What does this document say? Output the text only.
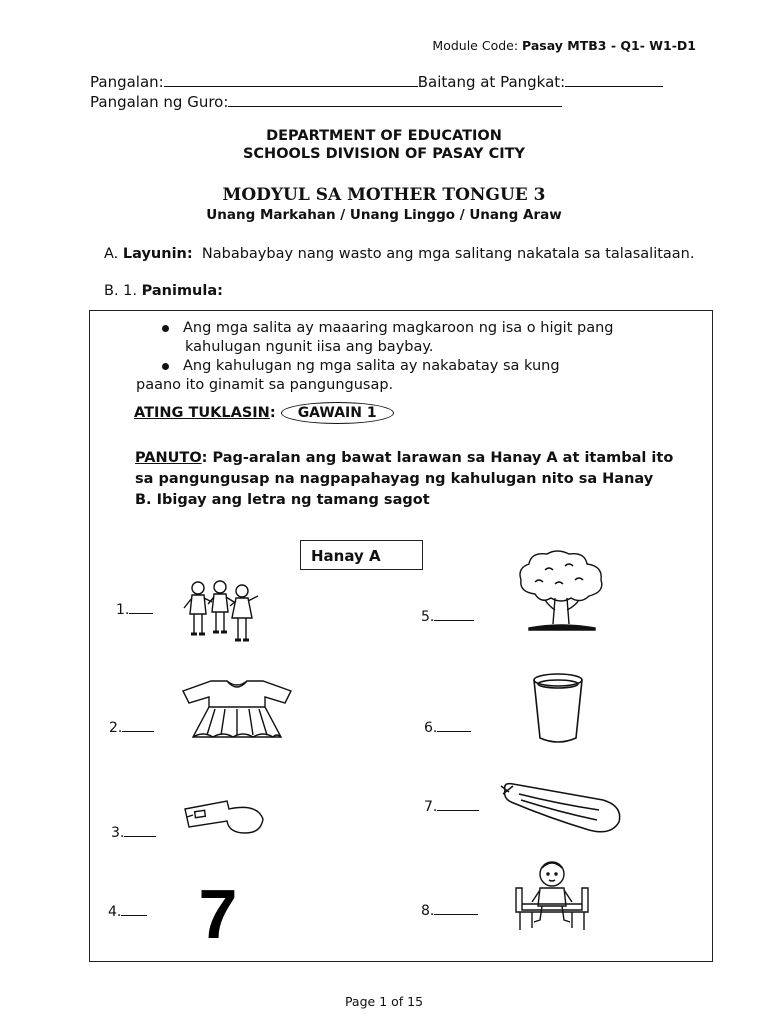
Module Code: Pasay MTB3 - Q1- W1-D1
Pangalan:	Baitang at Pangkat:
Pangalan ng Guro:
DEPARTMENT OF EDUCATION
SCHOOLS DIVISION OF PASAY CITY
MODYUL SA MOTHER TONGUE 3
Unang Markahan / Unang Linggo / Unang Araw
A. Layunin: Nababaybay nang wasto ang mga salitang nakatala sa talasalitaan.
B. 1. Panimula:
Ang mga salita ay maaaring magkaroon ng isa o higit pang
kahulugan ngunit iisa ang baybay.
Ang kahulugan ng mga salita ay nakabatay sa kung
paano ito ginamit sa pangungusap.
ATING TUKLASIN: GAWAIN 1
PANUTO: Pag-aralan ang bawat larawan sa Hanay A at itambal ito
sa pangungusap na nagpapahayag ng kahulugan nito sa Hanay
B. Ibigay ang letra ng tamang sagot
Hanay A
1.
2.
3.
4.
5.
6.
7.
8.
7
Page 1 of 15
